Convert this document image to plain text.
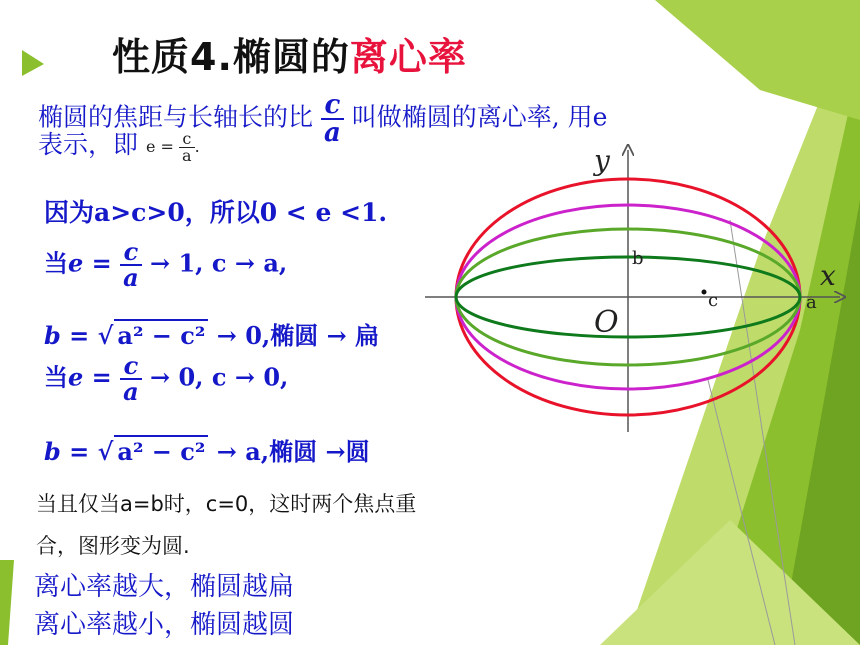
性质4.椭圆的离心率
椭圆的焦距与长轴长的比 $\frac{c}{a}$ 叫做椭圆的离心率, 用e
表示，即 $e = \frac{c}{a}$ .
因为a>c>0，所以0 < e <1.
当$e = \frac{c}{a} \to 1$, c → a,
b = √ a² − c² → 0,椭圆 → 扁
当$e = \frac{c}{a} \to 0$, c → 0,
b = √ a² − c² → a,椭圆 →圆
当且仅当a=b时，c=0，这时两个焦点重
合，图形变为圆.
离心率越大，椭圆越扁
离心率越小，椭圆越圆
y
x
O
b
c	a
